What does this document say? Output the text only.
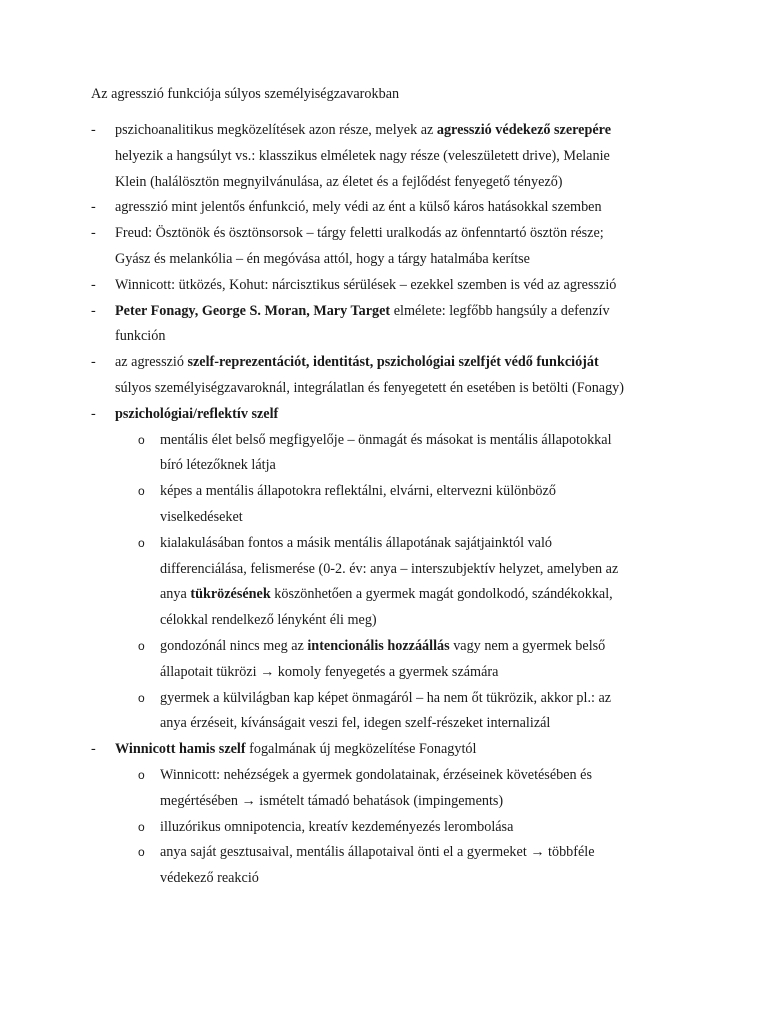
Az agresszió funkciója súlyos személyiségzavarokban
- pszichoanalitikus megközelítések azon része, melyek az agresszió védekező szerepére
helyezik a hangsúlyt vs.: klasszikus elméletek nagy része (veleszületett drive), Melanie
Klein (halálösztön megnyilvánulása, az életet és a fejlődést fenyegető tényező)
- agresszió mint jelentős énfunkció, mely védi az ént a külső káros hatásokkal szemben
- Freud: Ösztönök és ösztönsorsok – tárgy feletti uralkodás az önfenntartó ösztön része;
Gyász és melankólia – én megóvása attól, hogy a tárgy hatalmába kerítse
- Winnicott: ütközés, Kohut: nárcisztikus sérülések – ezekkel szemben is véd az agresszió
- Peter Fonagy, George S. Moran, Mary Target elmélete: legfőbb hangsúly a defenzív
funkción
- az agresszió szelf-reprezentációt, identitást, pszichológiai szelfjét védő funkcióját
súlyos személyiségzavaroknál, integrálatlan és fenyegetett én esetében is betölti (Fonagy)
- pszichológiai/reflektív szelf
o mentális élet belső megfigyelője – önmagát és másokat is mentális állapotokkal
bíró létezőknek látja
o képes a mentális állapotokra reflektálni, elvárni, eltervezni különböző
viselkedéseket
o kialakulásában fontos a másik mentális állapotának sajátjainktól való
differenciálása, felismerése (0-2. év: anya – interszubjektív helyzet, amelyben az
anya tükrözésének köszönhetően a gyermek magát gondolkodó, szándékokkal,
célokkal rendelkező lényként éli meg)
o gondozónál nincs meg az intencionális hozzáállás vagy nem a gyermek belső
állapotait tükrözi → komoly fenyegetés a gyermek számára
o gyermek a külvilágban kap képet önmagáról – ha nem őt tükrözik, akkor pl.: az
anya érzéseit, kívánságait veszi fel, idegen szelf-részeket internalizál
- Winnicott hamis szelf fogalmának új megközelítése Fonagytól
o Winnicott: nehézségek a gyermek gondolatainak, érzéseinek követésében és
megértésében → ismételt támadó behatások (impingements)
o illuzórikus omnipotencia, kreatív kezdeményezés lerombolása
o anya saját gesztusaival, mentális állapotaival önti el a gyermeket → többféle
védekező reakció
